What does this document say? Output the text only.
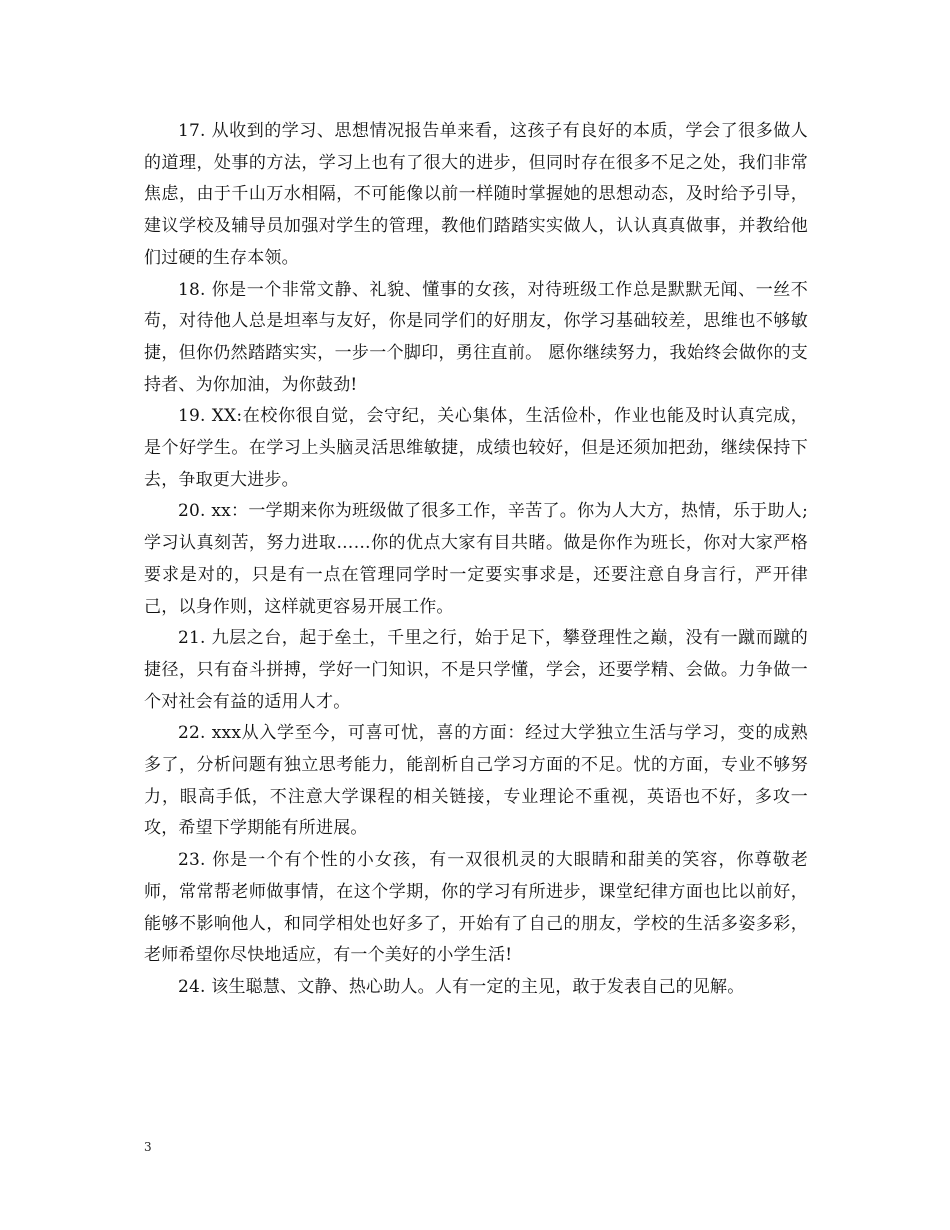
17. 从收到的学习、思想情况报告单来看，这孩子有良好的本质，学会了很多做人的道理，处事的方法，学习上也有了很大的进步，但同时存在很多不足之处，我们非常焦虑，由于千山万水相隔，不可能像以前一样随时掌握她的思想动态，及时给予引导，建议学校及辅导员加强对学生的管理，教他们踏踏实实做人，认认真真做事，并教给他们过硬的生存本领。

18. 你是一个非常文静、礼貌、懂事的女孩，对待班级工作总是默默无闻、一丝不苟，对待他人总是坦率与友好，你是同学们的好朋友，你学习基础较差，思维也不够敏捷，但你仍然踏踏实实，一步一个脚印，勇往直前。 愿你继续努力，我始终会做你的支持者、为你加油，为你鼓劲!

19. XX:在校你很自觉，会守纪，关心集体，生活俭朴，作业也能及时认真完成，是个好学生。在学习上头脑灵活思维敏捷，成绩也较好，但是还须加把劲，继续保持下去，争取更大进步。

20. xx：一学期来你为班级做了很多工作，辛苦了。你为人大方，热情，乐于助人;学习认真刻苦，努力进取……你的优点大家有目共睹。做是你作为班长，你对大家严格要求是对的，只是有一点在管理同学时一定要实事求是，还要注意自身言行，严开律己，以身作则，这样就更容易开展工作。

21. 九层之台，起于垒土，千里之行，始于足下，攀登理性之巅，没有一蹴而蹴的捷径，只有奋斗拼搏，学好一门知识，不是只学懂，学会，还要学精、会做。力争做一个对社会有益的适用人才。

22. xxx从入学至今，可喜可忧，喜的方面：经过大学独立生活与学习，变的成熟多了，分析问题有独立思考能力，能剖析自己学习方面的不足。忧的方面，专业不够努力，眼高手低，不注意大学课程的相关链接，专业理论不重视，英语也不好，多攻一攻，希望下学期能有所进展。

23. 你是一个有个性的小女孩，有一双很机灵的大眼睛和甜美的笑容，你尊敬老师，常常帮老师做事情，在这个学期，你的学习有所进步，课堂纪律方面也比以前好，能够不影响他人，和同学相处也好多了，开始有了自己的朋友，学校的生活多姿多彩，老师希望你尽快地适应，有一个美好的小学生活!

24. 该生聪慧、文静、热心助人。人有一定的主见，敢于发表自己的见解。

3
